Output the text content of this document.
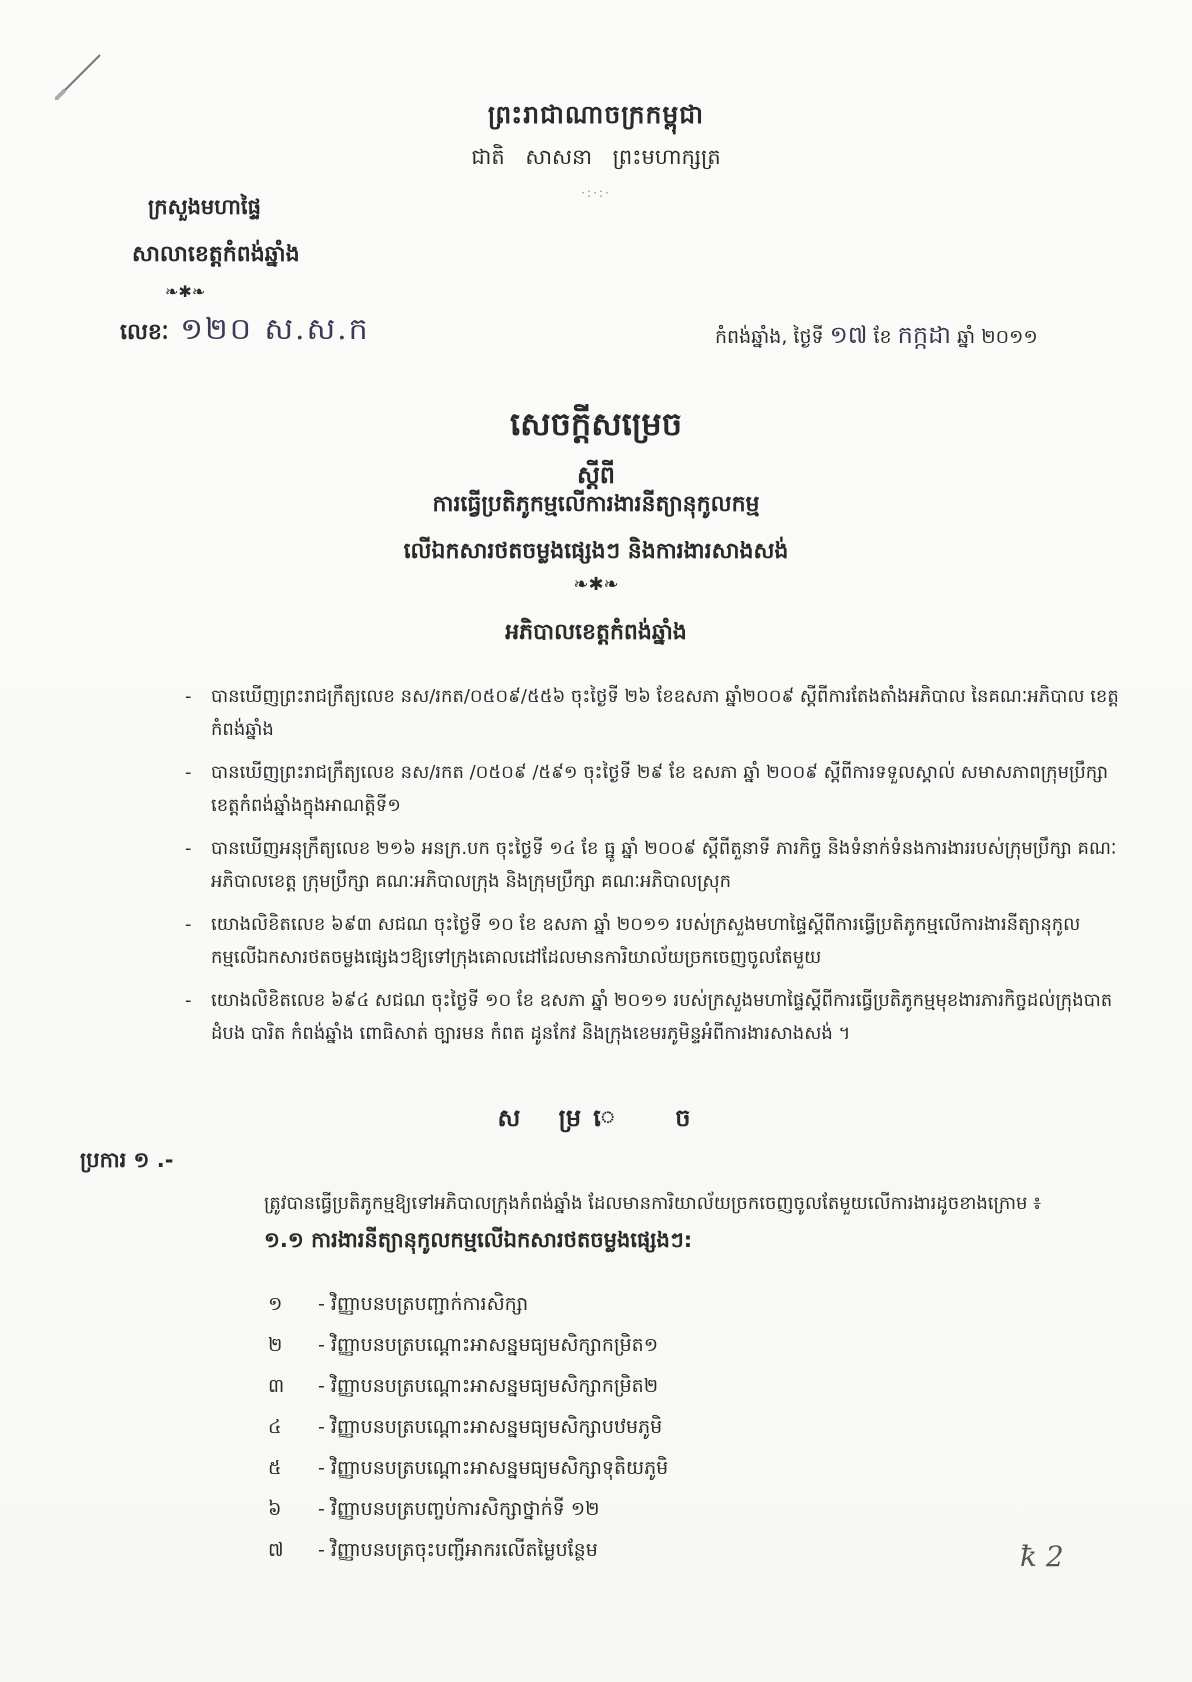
ព្រះរាជាណាចក្រកម្ពុជា
ជាតិ សាសនា ព្រះមហាក្សត្រ
·:·:·
ក្រសួងមហាផ្ទៃ
សាលាខេត្តកំពង់ឆ្នាំង
❧✱❧
លេខៈ ១២០ ស.ស.ក	កំពង់ឆ្នាំង, ថ្ងៃទី ១៧ ខែ កក្កដា ឆ្នាំ ២០១១
សេចក្ដីសម្រេច
ស្ដីពី
ការធ្វើប្រតិភូកម្មលើការងារនីត្យានុកូលកម្ម
លើឯកសារថតចម្លងផ្សេងៗ និងការងារសាងសង់
❧✱❧
អភិបាលខេត្តកំពង់ឆ្នាំង
- បានឃើញព្រះរាជក្រឹត្យលេខ នស/រកត/០៥០៩/៥៥៦ ចុះថ្ងៃទី ២៦ ខែឧសភា ឆ្នាំ២០០៩ ស្តីពីការតែងតាំងអភិបាល នៃគណៈអភិបាល ខេត្តកំពង់ឆ្នាំង
- បានឃើញព្រះរាជក្រឹត្យលេខ នស/រកត /០៥០៩ /៥៩១ ចុះថ្ងៃទី ២៩ ខែ ឧសភា ឆ្នាំ ២០០៩ ស្តីពីការទទួលស្គាល់ សមាសភាពក្រុមប្រឹក្សា ខេត្តកំពង់ឆ្នាំងក្នុងអាណត្តិទី១
- បានឃើញអនុក្រឹត្យលេខ ២១៦ អនក្រ.បក ចុះថ្ងៃទី ១៤ ខែ ធ្នូ ឆ្នាំ ២០០៩ ស្តីពីតួនាទី ភារកិច្ច និងទំនាក់ទំនងការងាររបស់ក្រុមប្រឹក្សា គណៈអភិបាលខេត្ត ក្រុមប្រឹក្សា គណៈអភិបាលក្រុង និងក្រុមប្រឹក្សា គណៈអភិបាលស្រុក
- យោងលិខិតលេខ ៦៩៣ សជណ ចុះថ្ងៃទី ១០ ខែ ឧសភា ឆ្នាំ ២០១១ របស់ក្រសួងមហាផ្ទៃស្តីពីការធ្វើប្រតិភូកម្មលើការងារនីត្យានុកូលកម្មលើឯកសារថតចម្លងផ្សេងៗឱ្យទៅក្រុងគោលដៅដែលមានការិយាល័យច្រកចេញចូលតែមួយ
- យោងលិខិតលេខ ៦៩៤ សជណ ចុះថ្ងៃទី ១០ ខែ ឧសភា ឆ្នាំ ២០១១ របស់ក្រសួងមហាផ្ទៃស្តីពីការធ្វើប្រតិភូកម្មមុខងារភារកិច្ចដល់ក្រុងបាតដំបង បារិត កំពង់ឆ្នាំង ពោធិសាត់ ច្បារមន កំពត ដូនកែវ និងក្រុងខេមរភូមិន្ទអំពីការងារសាងសង់ ។
ស ម្រ េ ច
ប្រការ ១ .-
ត្រូវបានធ្វើប្រតិភូកម្មឱ្យទៅអភិបាលក្រុងកំពង់ឆ្នាំង ដែលមានការិយាល័យច្រកចេញចូលតែមួយលើការងារដូចខាងក្រោម ៖
១.១ ការងារនីត្យានុកូលកម្មលើឯកសារថតចម្លងផ្សេងៗ:
១	- វិញ្ញាបនបត្របញ្ជាក់ការសិក្សា
២	- វិញ្ញាបនបត្របណ្ដោះអាសន្នមធ្យមសិក្សាកម្រិត១
៣	- វិញ្ញាបនបត្របណ្ដោះអាសន្នមធ្យមសិក្សាកម្រិត២
៤	- វិញ្ញាបនបត្របណ្ដោះអាសន្នមធ្យមសិក្សាបឋមភូមិ
៥	- វិញ្ញាបនបត្របណ្ដោះអាសន្នមធ្យមសិក្សាទុតិយភូមិ
៦	- វិញ្ញាបនបត្របញ្ចប់ការសិក្សាថ្នាក់ទី ១២
៧	- វិញ្ញាបនបត្រចុះបញ្ជីអាករលើតម្លៃបន្ថែម	ꝁ 2
